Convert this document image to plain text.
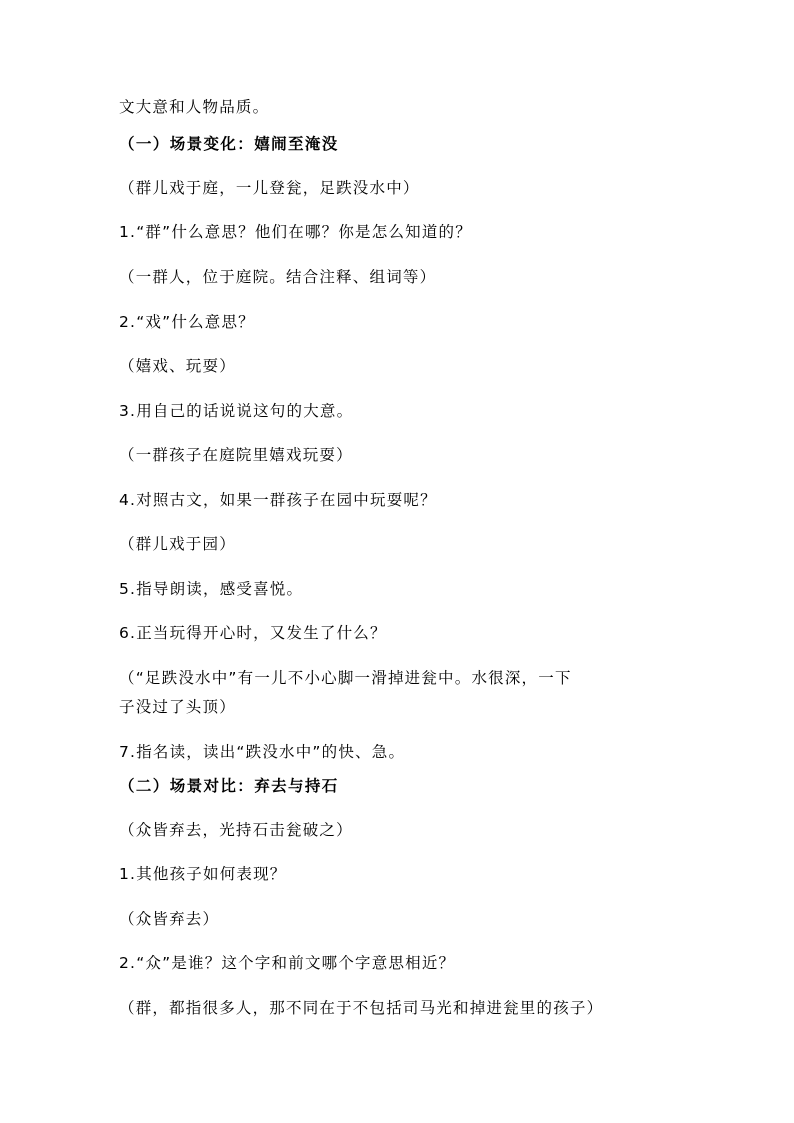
文大意和人物品质。
（一）场景变化：嬉闹至淹没
（群儿戏于庭，一儿登瓮，足跌没水中）
1.“群”什么意思？他们在哪？你是怎么知道的？
（一群人，位于庭院。结合注释、组词等）
2.“戏”什么意思？
（嬉戏、玩耍）
3.用自己的话说说这句的大意。
（一群孩子在庭院里嬉戏玩耍）
4.对照古文，如果一群孩子在园中玩耍呢？
（群儿戏于园）
5.指导朗读，感受喜悦。
6.正当玩得开心时，又发生了什么？
（“足跌没水中”有一儿不小心脚一滑掉进瓮中。水很深，一下
子没过了头顶）
7.指名读，读出“跌没水中”的快、急。
（二）场景对比：弃去与持石
（众皆弃去，光持石击瓮破之）
1.其他孩子如何表现？
（众皆弃去）
2.“众”是谁？这个字和前文哪个字意思相近？
（群，都指很多人，那不同在于不包括司马光和掉进瓮里的孩子）
